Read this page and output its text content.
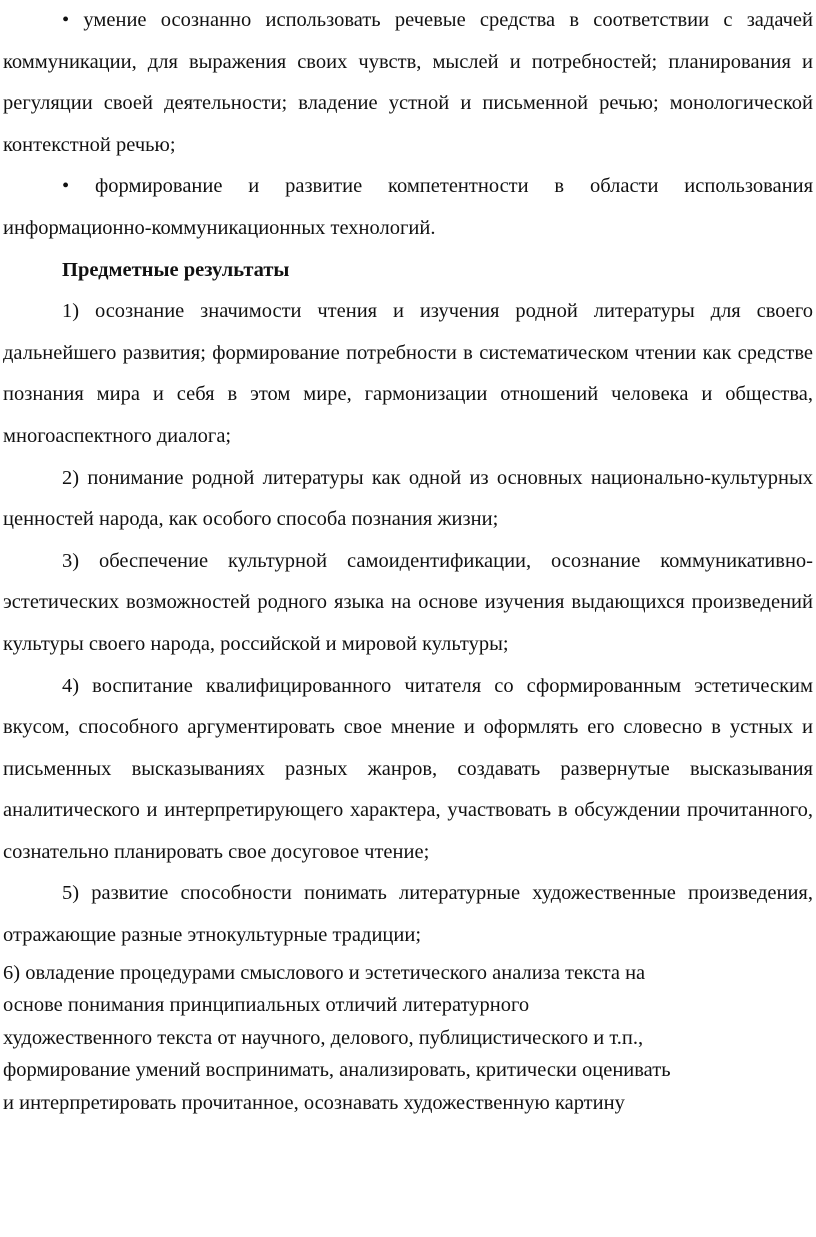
• умение осознанно использовать речевые средства в соответствии с задачей коммуникации, для выражения своих чувств, мыслей и потребностей; планирования и регуляции своей деятельности; владение устной и письменной речью; монологической контекстной речью;

• формирование и развитие компетентности в области использования информационно-коммуникационных технологий.

Предметные результаты

1) осознание значимости чтения и изучения родной литературы для своего дальнейшего развития; формирование потребности в систематическом чтении как средстве познания мира и себя в этом мире, гармонизации отношений человека и общества, многоаспектного диалога;

2) понимание родной литературы как одной из основных национально-культурных ценностей народа, как особого способа познания жизни;

3) обеспечение культурной самоидентификации, осознание коммуникативно-эстетических возможностей родного языка на основе изучения выдающихся произведений культуры своего народа, российской и мировой культуры;

4) воспитание квалифицированного читателя со сформированным эстетическим вкусом, способного аргументировать свое мнение и оформлять его словесно в устных и письменных высказываниях разных жанров, создавать развернутые высказывания аналитического и интерпретирующего характера, участвовать в обсуждении прочитанного, сознательно планировать свое досуговое чтение;

5) развитие способности понимать литературные художественные произведения, отражающие разные этнокультурные традиции;

6) овладение процедурами смыслового и эстетического анализа текста на
основе понимания принципиальных отличий литературного
художественного текста от научного, делового, публицистического и т.п.,
формирование умений воспринимать, анализировать, критически оценивать
и интерпретировать прочитанное, осознавать художественную картину
